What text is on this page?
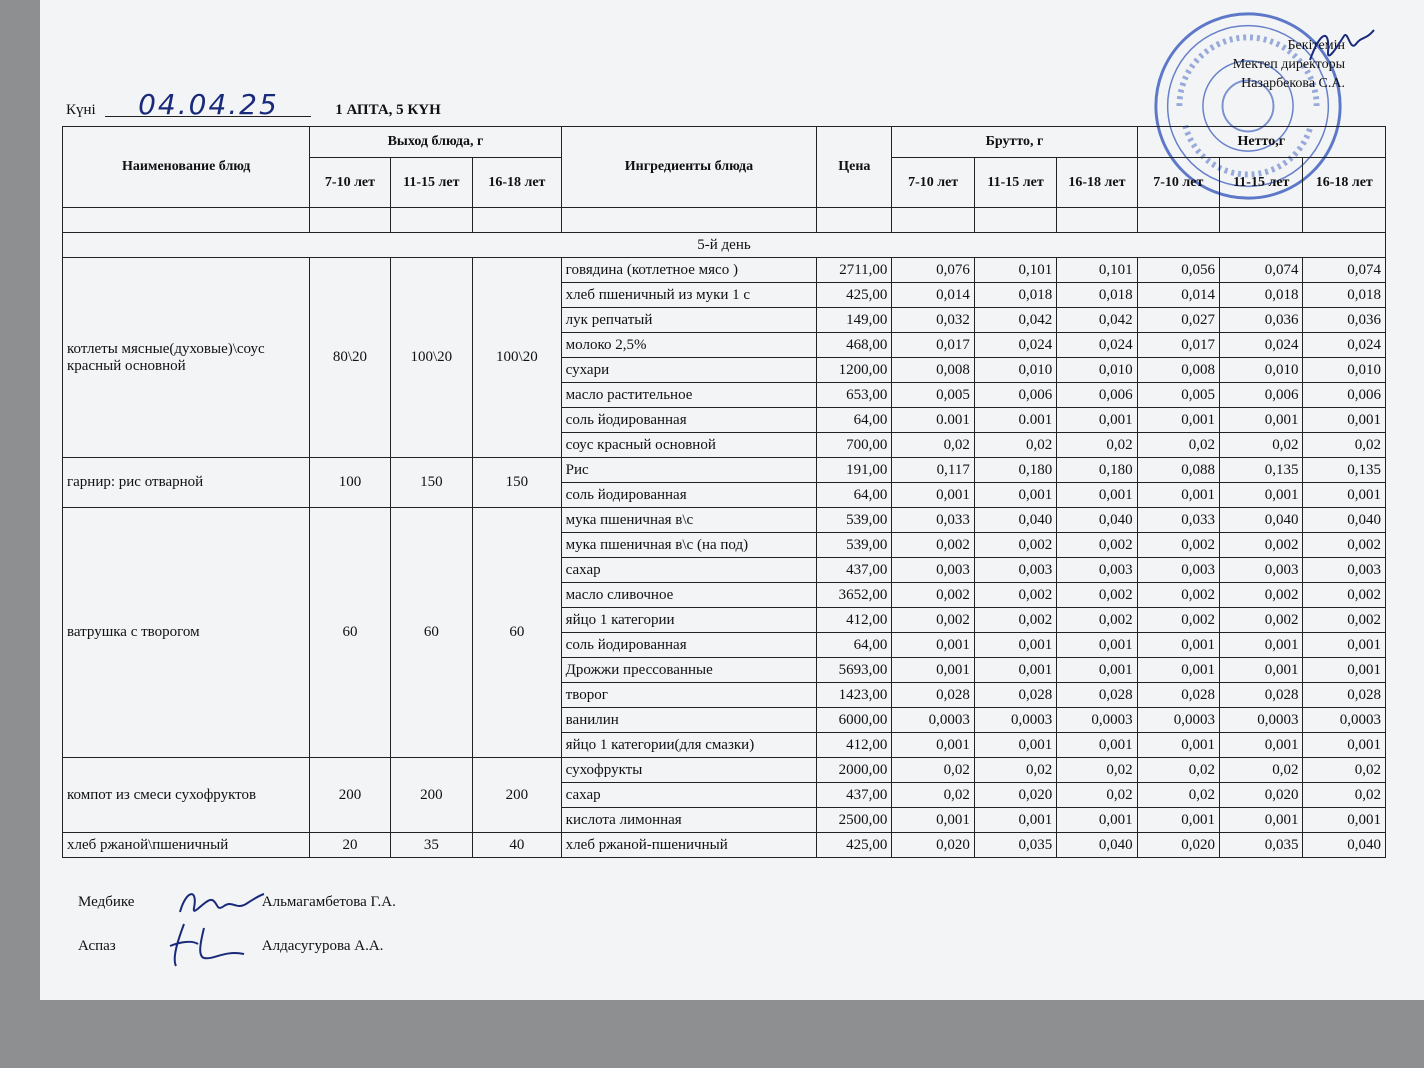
Бекітемін
Мектеп директоры
Назарбекова С.А.
Күні 04.04.25	1 АПТА, 5 КҮН
Наименование блюд	Выход блюда, г			Ингредиенты блюда	Цена	Брутто, г			Нетто,г		
	7-10 лет	11-15 лет	16-18 лет			7-10 лет	11-15 лет	16-18 лет	7-10 лет	11-15 лет	16-18 лет

5-й день											
котлеты мясные(духовые)\соус красный основной	80\20	100\20	100\20	говядина (котлетное мясо )	2711,00	0,076	0,101	0,101	0,056	0,074	0,074
				хлеб пшеничный из муки 1 с	425,00	0,014	0,018	0,018	0,014	0,018	0,018
				лук репчатый	149,00	0,032	0,042	0,042	0,027	0,036	0,036
				молоко 2,5%	468,00	0,017	0,024	0,024	0,017	0,024	0,024
				сухари	1200,00	0,008	0,010	0,010	0,008	0,010	0,010
				масло растительное	653,00	0,005	0,006	0,006	0,005	0,006	0,006
				соль йодированная	64,00	0.001	0.001	0,001	0,001	0,001	0,001
				соус красный основной	700,00	0,02	0,02	0,02	0,02	0,02	0,02
гарнир: рис отварной	100	150	150	Рис	191,00	0,117	0,180	0,180	0,088	0,135	0,135
				соль йодированная	64,00	0,001	0,001	0,001	0,001	0,001	0,001
ватрушка с творогом	60	60	60	мука пшеничная в\с	539,00	0,033	0,040	0,040	0,033	0,040	0,040
				мука пшеничная в\с (на под)	539,00	0,002	0,002	0,002	0,002	0,002	0,002
				сахар	437,00	0,003	0,003	0,003	0,003	0,003	0,003
				масло сливочное	3652,00	0,002	0,002	0,002	0,002	0,002	0,002
				яйцо 1 категории	412,00	0,002	0,002	0,002	0,002	0,002	0,002
				соль йодированная	64,00	0,001	0,001	0,001	0,001	0,001	0,001
				Дрожжи прессованные	5693,00	0,001	0,001	0,001	0,001	0,001	0,001
				творог	1423,00	0,028	0,028	0,028	0,028	0,028	0,028
				ванилин	6000,00	0,0003	0,0003	0,0003	0,0003	0,0003	0,0003
				яйцо 1 категории(для смазки)	412,00	0,001	0,001	0,001	0,001	0,001	0,001
компот из смеси сухофруктов	200	200	200	сухофрукты	2000,00	0,02	0,02	0,02	0,02	0,02	0,02
				сахар	437,00	0,02	0,020	0,02	0,02	0,020	0,02
				кислота лимонная	2500,00	0,001	0,001	0,001	0,001	0,001	0,001
хлеб ржаной\пшеничный	20	35	40	хлеб ржаной-пшеничный	425,00	0,020	0,035	0,040	0,020	0,035	0,040
Медбике	Альмагамбетова Г.А.
Аспаз	Алдасугурова А.А.
